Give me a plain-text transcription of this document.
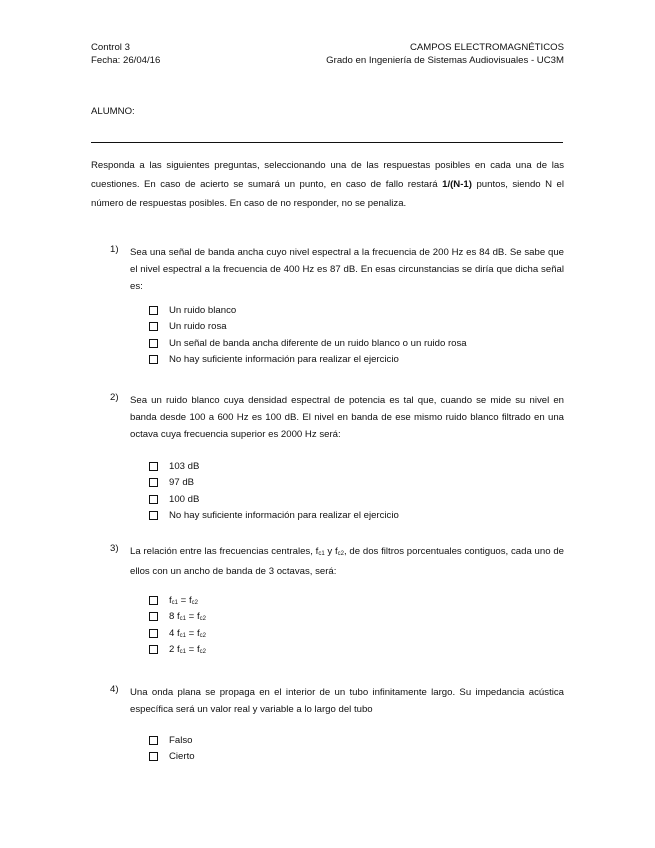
Control 3
Fecha: 26/04/16
CAMPOS ELECTROMAGNÉTICOS
Grado en Ingeniería de Sistemas Audiovisuales - UC3M
ALUMNO:
Responda a las siguientes preguntas, seleccionando una de las respuestas posibles en cada una de las cuestiones. En caso de acierto se sumará un punto, en caso de fallo restará 1/(N-1) puntos, siendo N el número de respuestas posibles. En caso de no responder, no se penaliza.
1) Sea una señal de banda ancha cuyo nivel espectral a la frecuencia de 200 Hz es 84 dB. Se sabe que el nivel espectral a la frecuencia de 400 Hz es 87 dB. En esas circunstancias se diría que dicha señal es:
Un ruido blanco
Un ruido rosa
Un señal de banda ancha diferente de un ruido blanco o un ruido rosa
No hay suficiente información para realizar el ejercicio
2) Sea un ruido blanco cuya densidad espectral de potencia es tal que, cuando se mide su nivel en banda desde 100 a 600 Hz es 100 dB. El nivel en banda de ese mismo ruido blanco filtrado en una octava cuya frecuencia superior es 2000 Hz será:
103 dB
97 dB
100 dB
No hay suficiente información para realizar el ejercicio
3) La relación entre las frecuencias centrales, $f_{c1}$ y $f_{c2}$, de dos filtros porcentuales contiguos, cada uno de ellos con un ancho de banda de 3 octavas, será:
$f_{c1} = f_{c2}$
8 $f_{c1} = f_{c2}$
4 $f_{c1} = f_{c2}$
2 $f_{c1} = f_{c2}$
4) Una onda plana se propaga en el interior de un tubo infinitamente largo. Su impedancia acústica específica será un valor real y variable a lo largo del tubo
Falso
Cierto
